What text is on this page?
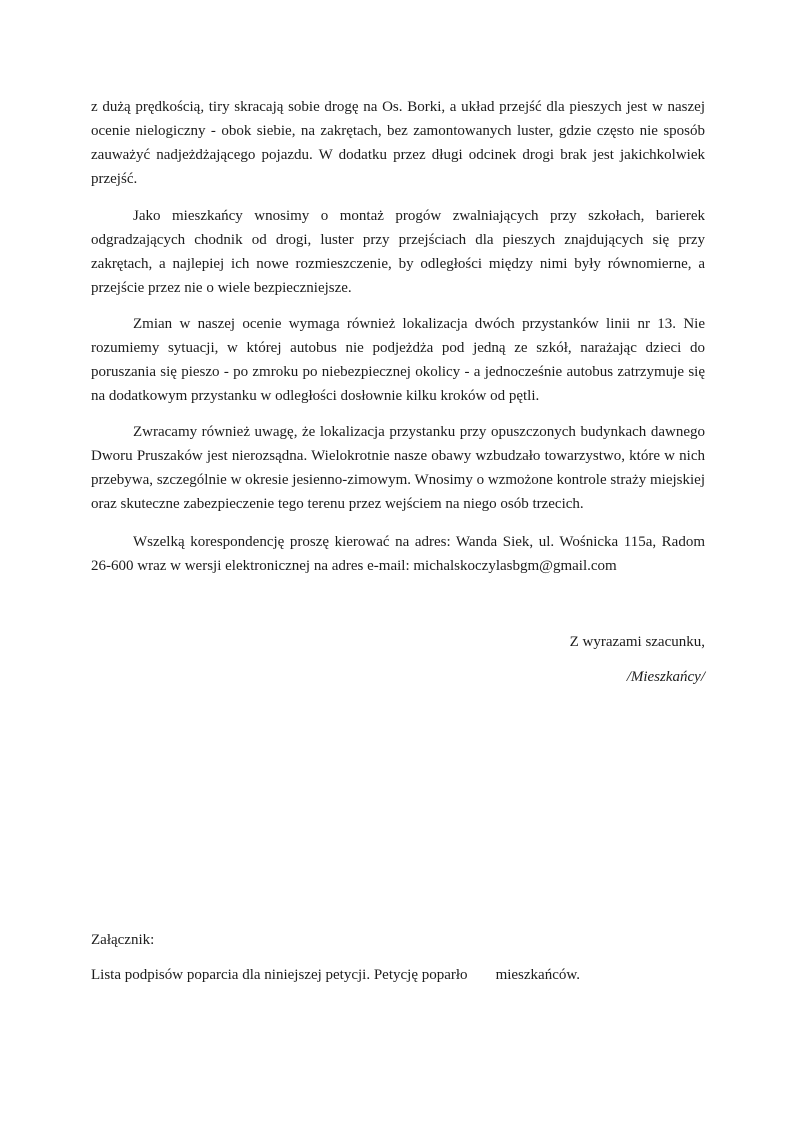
z dużą prędkością, tiry skracają sobie drogę na Os. Borki, a układ przejść dla pieszych jest w naszej ocenie nielogiczny - obok siebie, na zakrętach, bez zamontowanych luster, gdzie często nie sposób zauważyć nadjeżdżającego pojazdu. W dodatku przez długi odcinek drogi brak jest jakichkolwiek przejść.

Jako mieszkańcy wnosimy o montaż progów zwalniających przy szkołach, barierek odgradzających chodnik od drogi, luster przy przejściach dla pieszych znajdujących się przy zakrętach, a najlepiej ich nowe rozmieszczenie, by odległości między nimi były równomierne, a przejście przez nie o wiele bezpieczniejsze.

Zmian w naszej ocenie wymaga również lokalizacja dwóch przystanków linii nr 13. Nie rozumiemy sytuacji, w której autobus nie podjeżdża pod jedną ze szkół, narażając dzieci do poruszania się pieszo - po zmroku po niebezpiecznej okolicy - a jednocześnie autobus zatrzymuje się na dodatkowym przystanku w odległości dosłownie kilku kroków od pętli.

Zwracamy również uwagę, że lokalizacja przystanku przy opuszczonych budynkach dawnego Dworu Pruszaków jest nierozsądna. Wielokrotnie nasze obawy wzbudzało towarzystwo, które w nich przebywa, szczególnie w okresie jesienno-zimowym. Wnosimy o wzmożone kontrole straży miejskiej oraz skuteczne zabezpieczenie tego terenu przez wejściem na niego osób trzecich.

Wszelką korespondencję proszę kierować na adres: Wanda Siek, ul. Wośnicka 115a, Radom 26-600 wraz w wersji elektronicznej na adres e-mail: michalskoczylasbgm@gmail.com

Z wyrazami szacunku,

/Mieszkańcy/

Załącznik:

Lista podpisów poparcia dla niniejszej petycji. Petycję poparło mieszkańców.
